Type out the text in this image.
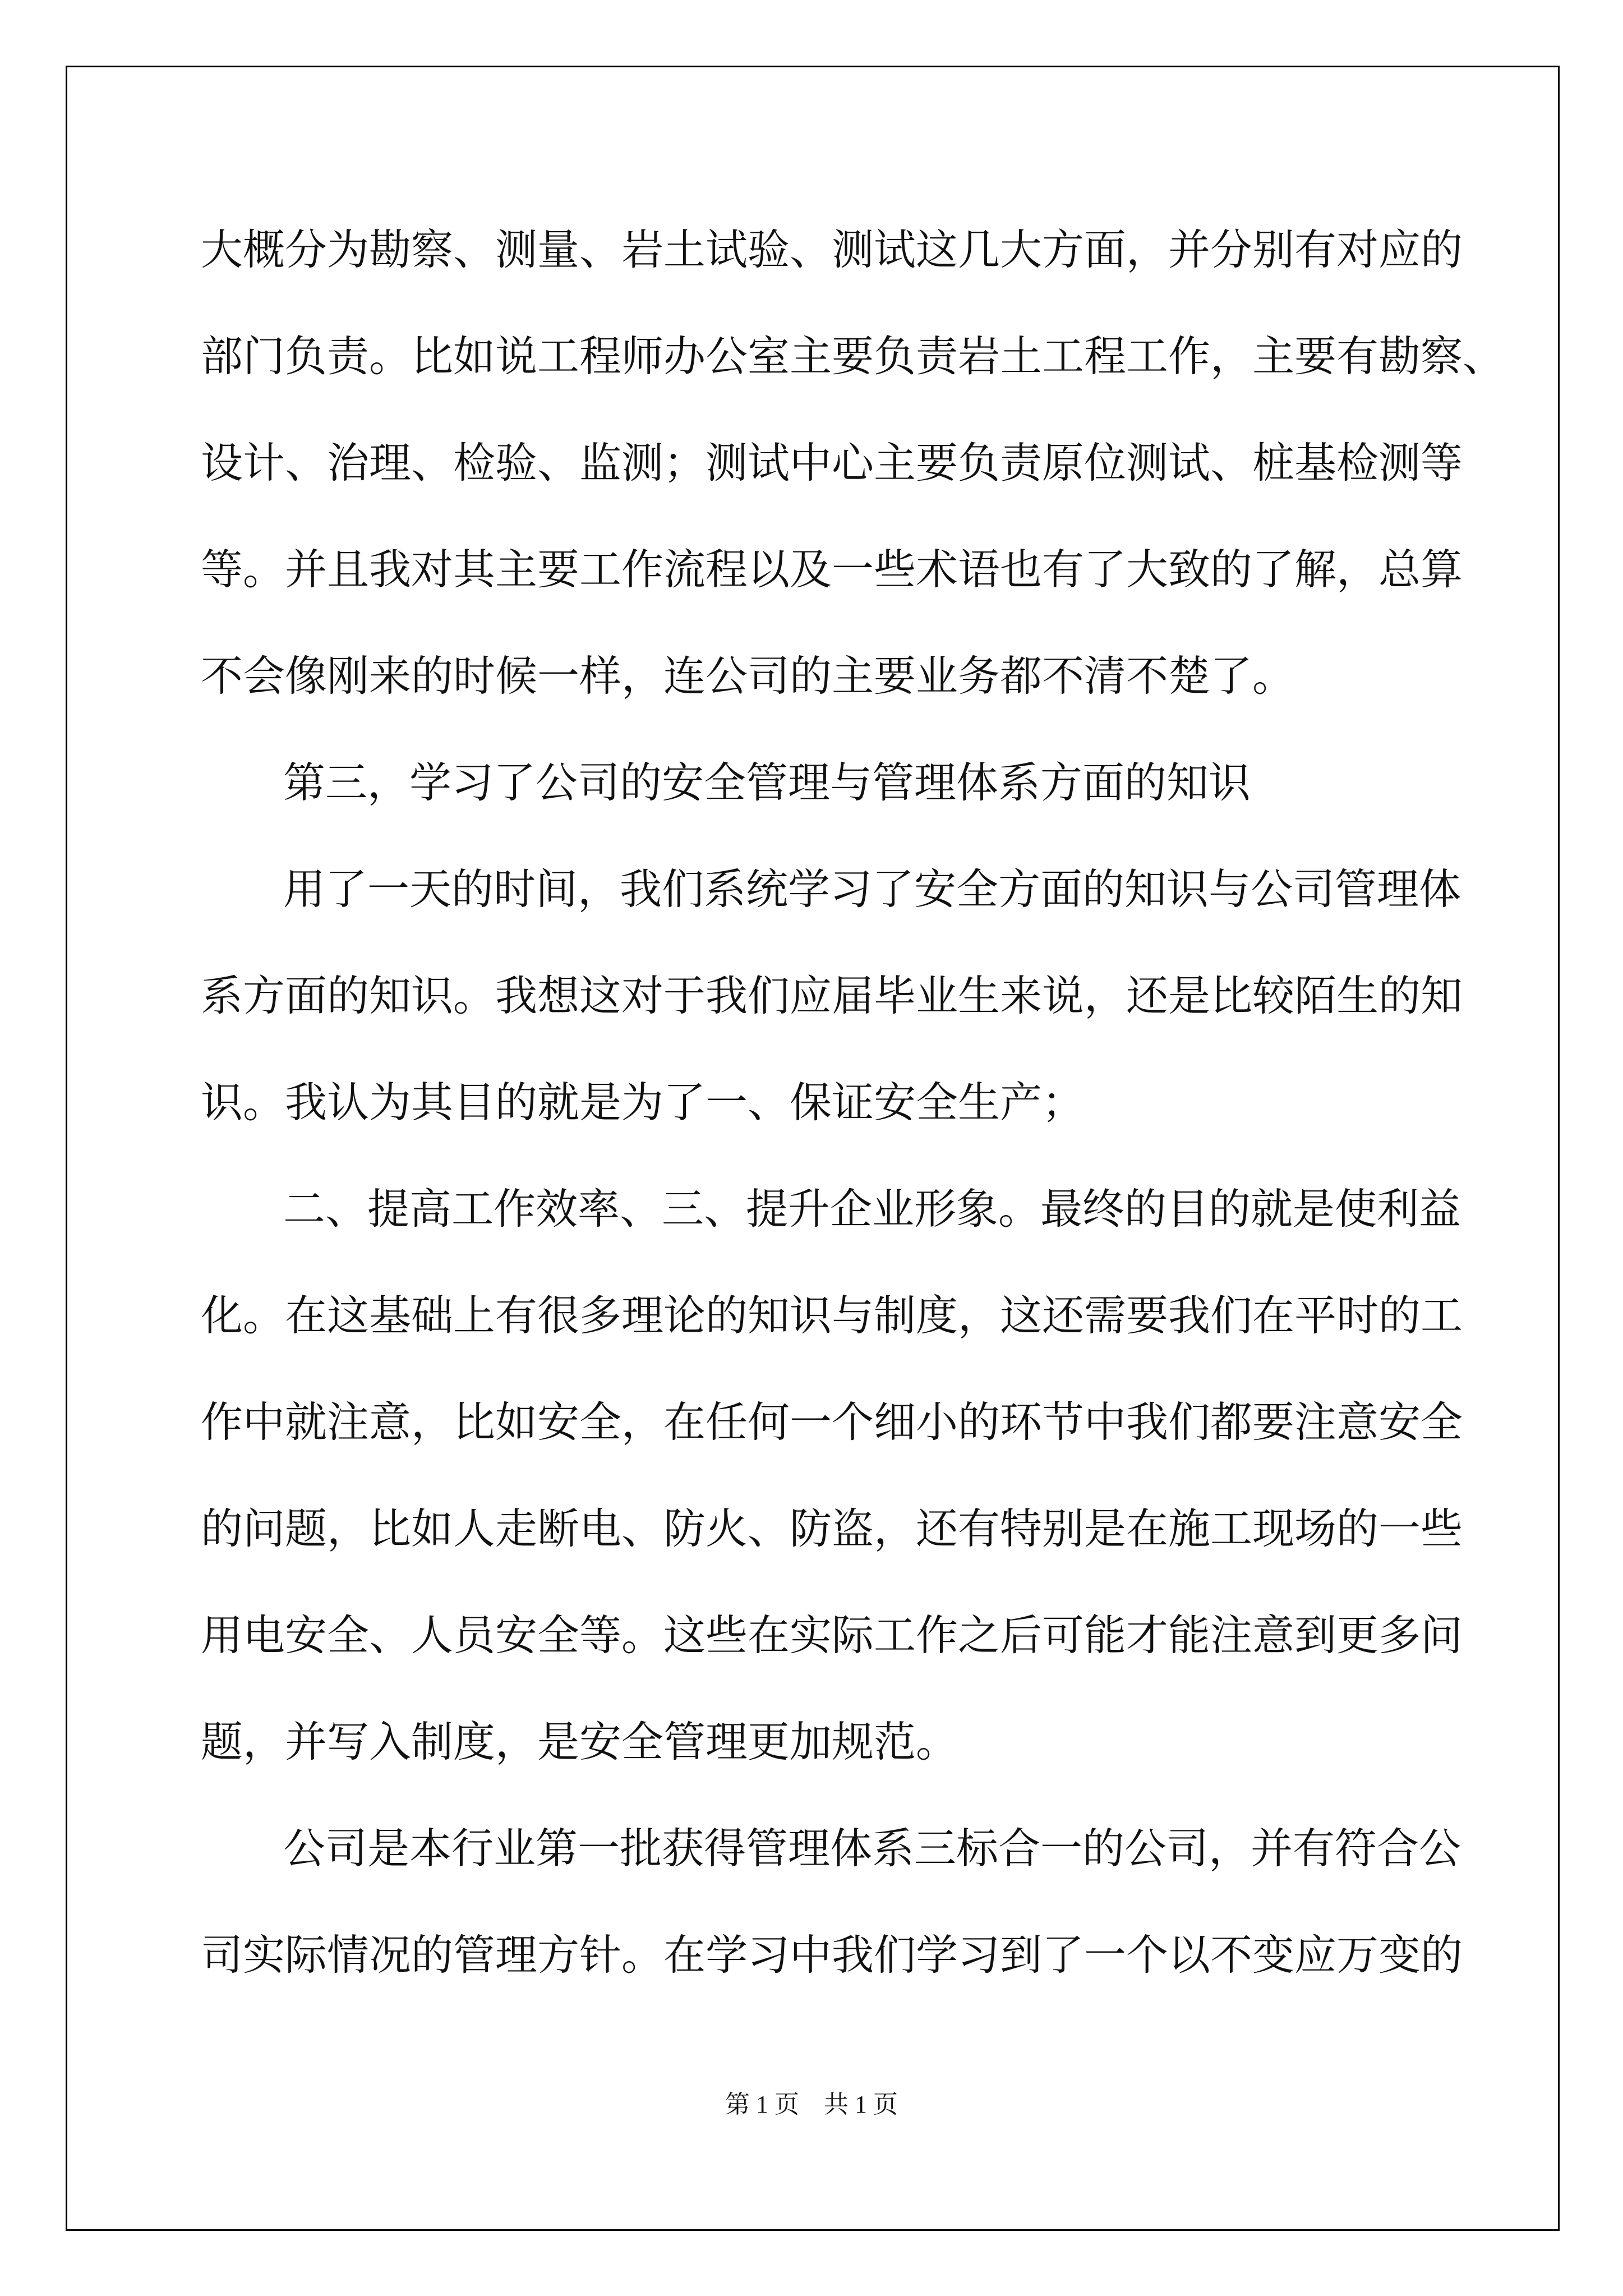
大概分为勘察、测量、岩土试验、测试这几大方面，并分别有对应的

部门负责。比如说工程师办公室主要负责岩土工程工作，主要有勘察、

设计、治理、检验、监测；测试中心主要负责原位测试、桩基检测等

等。并且我对其主要工作流程以及一些术语也有了大致的了解，总算

不会像刚来的时候一样，连公司的主要业务都不清不楚了。

第三，学习了公司的安全管理与管理体系方面的知识

用了一天的时间，我们系统学习了安全方面的知识与公司管理体

系方面的知识。我想这对于我们应届毕业生来说，还是比较陌生的知

识。我认为其目的就是为了一、保证安全生产；

二、提高工作效率、三、提升企业形象。最终的目的就是使利益

化。在这基础上有很多理论的知识与制度，这还需要我们在平时的工

作中就注意，比如安全，在任何一个细小的环节中我们都要注意安全

的问题，比如人走断电、防火、防盗，还有特别是在施工现场的一些

用电安全、人员安全等。这些在实际工作之后可能才能注意到更多问

题，并写入制度，是安全管理更加规范。

公司是本行业第一批获得管理体系三标合一的公司，并有符合公

司实际情况的管理方针。在学习中我们学习到了一个以不变应万变的

第 1 页　共 1 页
